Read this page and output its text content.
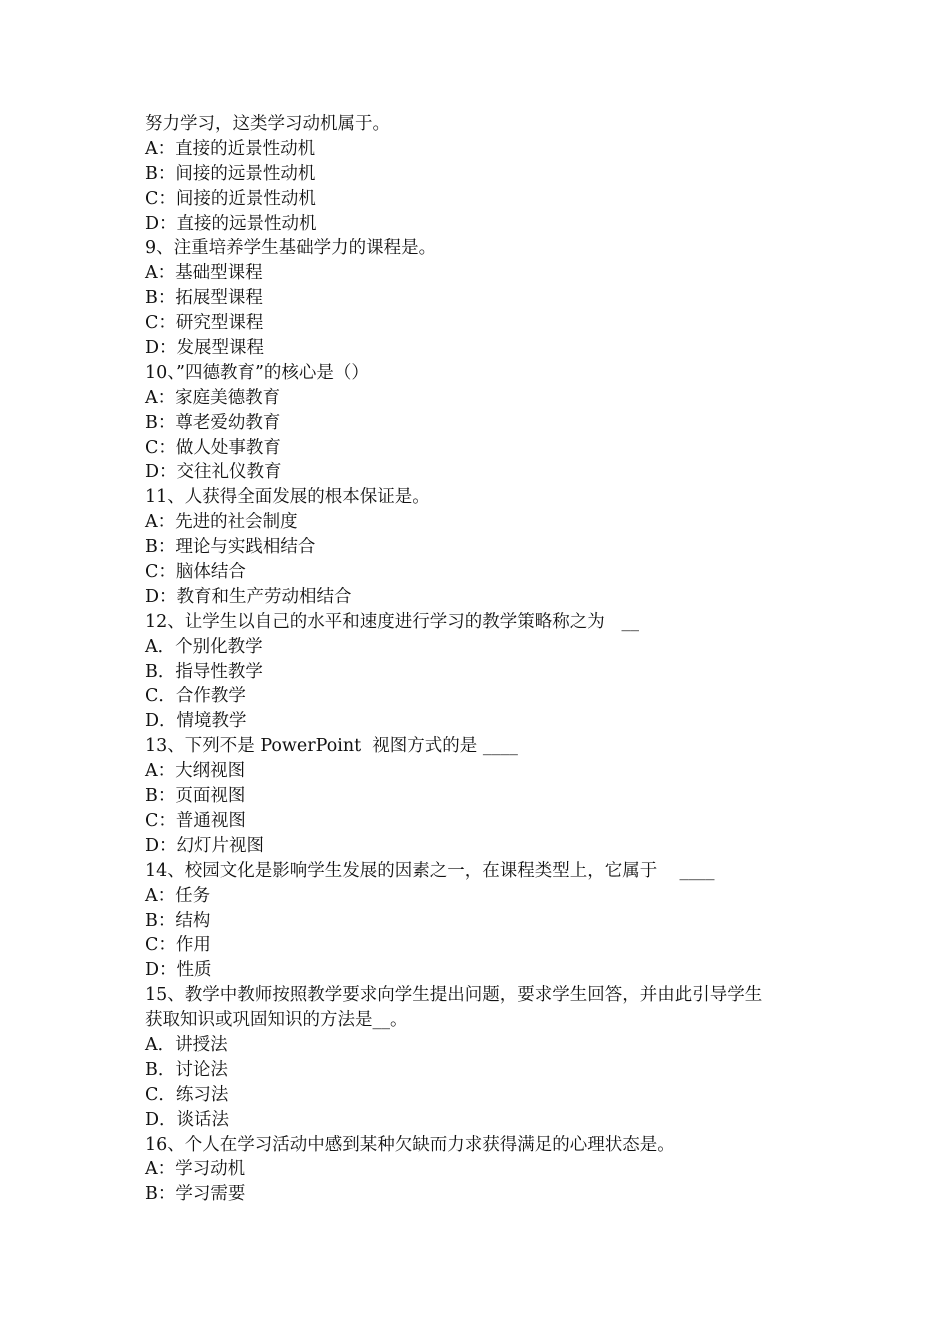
努力学习，这类学习动机属于。
A：直接的近景性动机
B：间接的远景性动机
C：间接的近景性动机
D：直接的远景性动机
9、注重培养学生基础学力的课程是。
A：基础型课程
B：拓展型课程
C：研究型课程
D：发展型课程
10、”四德教育”的核心是（）
A：家庭美德教育
B：尊老爱幼教育
C：做人处事教育
D：交往礼仪教育
11、人获得全面发展的根本保证是。
A：先进的社会制度
B：理论与实践相结合
C：脑体结合
D：教育和生产劳动相结合
12、让学生以自己的水平和速度进行学习的教学策略称之为   __
A．个别化教学
B．指导性教学
C．合作教学
D．情境教学
13、下列不是 PowerPoint  视图方式的是 ____
A：大纲视图
B：页面视图
C：普通视图
D：幻灯片视图
14、校园文化是影响学生发展的因素之一，在课程类型上，它属于    ____
A：任务
B：结构
C：作用
D：性质
15、教学中教师按照教学要求向学生提出问题，要求学生回答，并由此引导学生
获取知识或巩固知识的方法是__。
A．讲授法
B．讨论法
C．练习法
D．谈话法
16、个人在学习活动中感到某种欠缺而力求获得满足的心理状态是。
A：学习动机
B：学习需要
